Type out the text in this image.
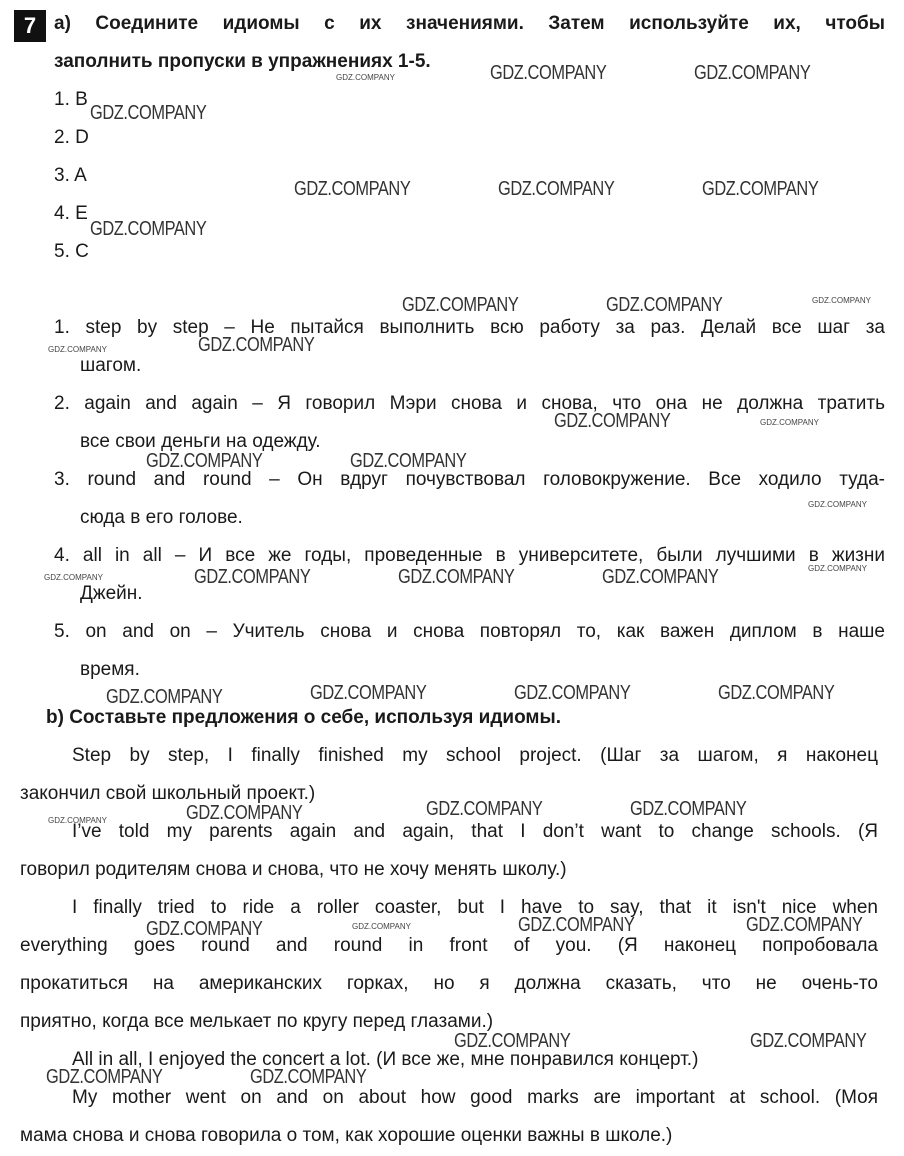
7 a) Соедините идиомы с их значениями. Затем используйте их, чтобы
заполнить пропуски в упражнениях 1-5.
1. B
2. D
3. A
4. E
5. C
1. step by step – Не пытайся выполнить всю работу за раз. Делай все шаг за
шагом.
2. again and again – Я говорил Мэри снова и снова, что она не должна тратить
все свои деньги на одежду.
3. round and round – Он вдруг почувствовал головокружение. Все ходило туда-
сюда в его голове.
4. all in all – И все же годы, проведенные в университете, были лучшими в жизни
Джейн.
5. on and on – Учитель снова и снова повторял то, как важен диплом в наше
время.
b) Составьте предложения о себе, используя идиомы.
Step by step, I finally finished my school project. (Шаг за шагом, я наконец
закончил свой школьный проект.)
I’ve told my parents again and again, that I don’t want to change schools. (Я
говорил родителям снова и снова, что не хочу менять школу.)
I finally tried to ride a roller coaster, but I have to say, that it isn't nice when
everything goes round and round in front of you. (Я наконец попробовала
прокатиться на американских горках, но я должна сказать, что не очень-то
приятно, когда все мелькает по кругу перед глазами.)
All in all, I enjoyed the concert a lot. (И все же, мне понравился концерт.)
My mother went on and on about how good marks are important at school. (Моя
мама снова и снова говорила о том, как хорошие оценки важны в школе.)
GDZ.COMPANY	GDZ.COMPANY
GDZ.COMPANY
GDZ.COMPANY	GDZ.COMPANY	GDZ.COMPANY
GDZ.COMPANY
GDZ.COMPANY	GDZ.COMPANY
GDZ.COMPANY
GDZ.COMPANY
GDZ.COMPANY	GDZ.COMPANY
GDZ.COMPANY	GDZ.COMPANY	GDZ.COMPANY
GDZ.COMPANY	GDZ.COMPANY	GDZ.COMPANY	GDZ.COMPANY
GDZ.COMPANY	GDZ.COMPANY
GDZ.COMPANY
GDZ.COMPANY	GDZ.COMPANY	GDZ.COMPANY
GDZ.COMPANY
GDZ.COMPANY
GDZ.COMPANY	GDZ.COMPANY
GDZ.COMPANY
GDZ.COMPANY
GDZ.COMPANY
GDZ.COMPANY
GDZ.COMPANY
GDZ.COMPANY
GDZ.COMPANY
GDZ.COMPANY
GDZ.COMPANY
